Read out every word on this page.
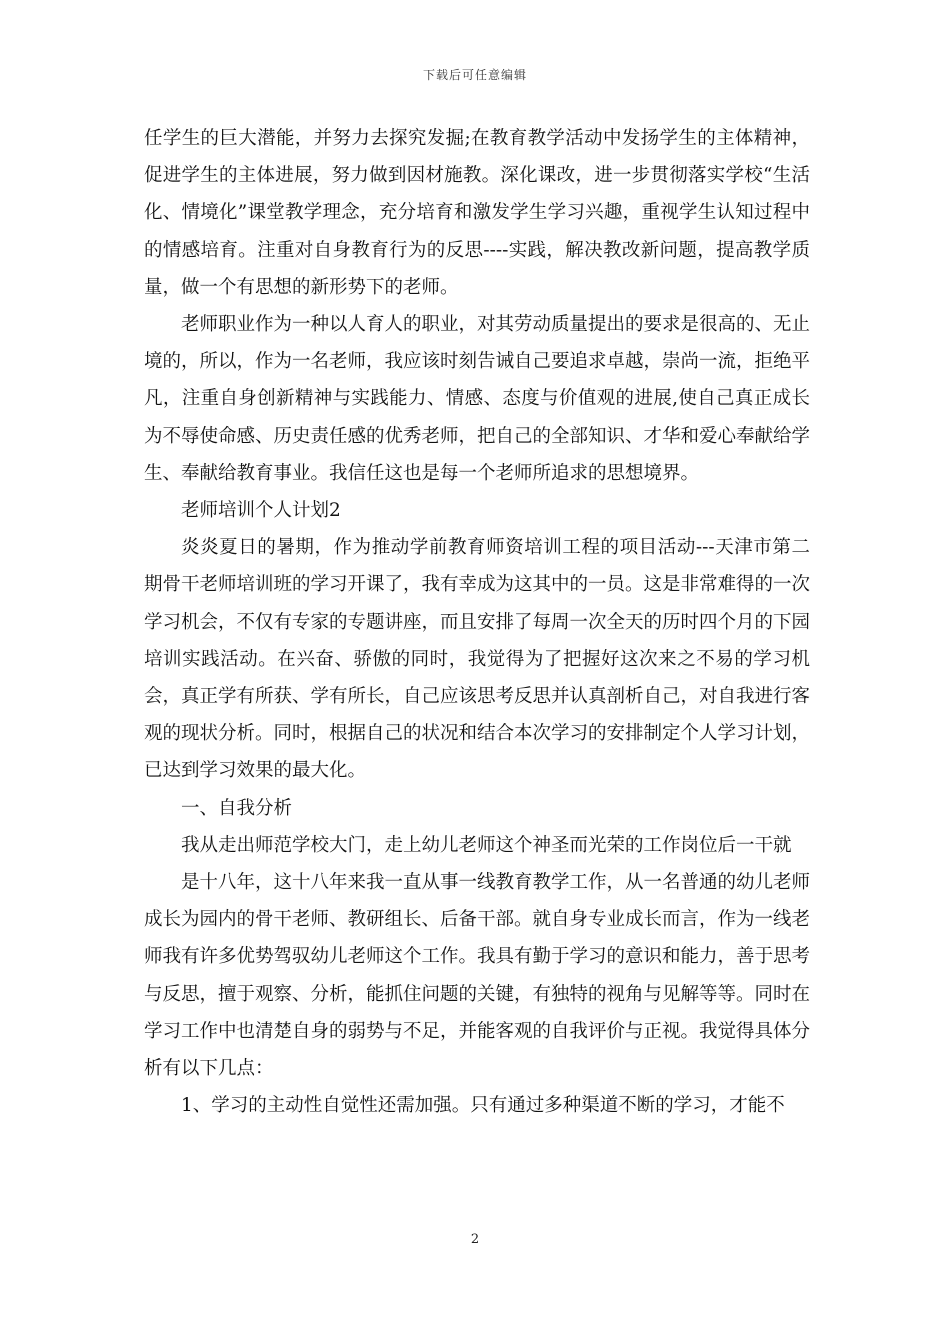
下载后可任意编辑

任学生的巨大潜能，并努力去探究发掘;在教育教学活动中发扬学生的主体精神，促进学生的主体进展，努力做到因材施教。深化课改，进一步贯彻落实学校“生活化、情境化”课堂教学理念，充分培育和激发学生学习兴趣，重视学生认知过程中的情感培育。注重对自身教育行为的反思----实践，解决教改新问题，提高教学质量，做一个有思想的新形势下的老师。

老师职业作为一种以人育人的职业，对其劳动质量提出的要求是很高的、无止境的，所以，作为一名老师，我应该时刻告诫自己要追求卓越，崇尚一流，拒绝平凡，注重自身创新精神与实践能力、情感、态度与价值观的进展,使自己真正成长为不辱使命感、历史责任感的优秀老师，把自己的全部知识、才华和爱心奉献给学生、奉献给教育事业。我信任这也是每一个老师所追求的思想境界。

老师培训个人计划2

炎炎夏日的暑期，作为推动学前教育师资培训工程的项目活动---天津市第二期骨干老师培训班的学习开课了，我有幸成为这其中的一员。这是非常难得的一次学习机会，不仅有专家的专题讲座，而且安排了每周一次全天的历时四个月的下园培训实践活动。在兴奋、骄傲的同时，我觉得为了把握好这次来之不易的学习机会，真正学有所获、学有所长，自己应该思考反思并认真剖析自己，对自我进行客观的现状分析。同时，根据自己的状况和结合本次学习的安排制定个人学习计划，已达到学习效果的最大化。

一、自我分析

我从走出师范学校大门，走上幼儿老师这个神圣而光荣的工作岗位后一干就

是十八年，这十八年来我一直从事一线教育教学工作，从一名普通的幼儿老师成长为园内的骨干老师、教研组长、后备干部。就自身专业成长而言，作为一线老师我有许多优势驾驭幼儿老师这个工作。我具有勤于学习的意识和能力，善于思考与反思，擅于观察、分析，能抓住问题的关键，有独特的视角与见解等等。同时在学习工作中也清楚自身的弱势与不足，并能客观的自我评价与正视。我觉得具体分析有以下几点：

1、学习的主动性自觉性还需加强。只有通过多种渠道不断的学习，才能不

2
